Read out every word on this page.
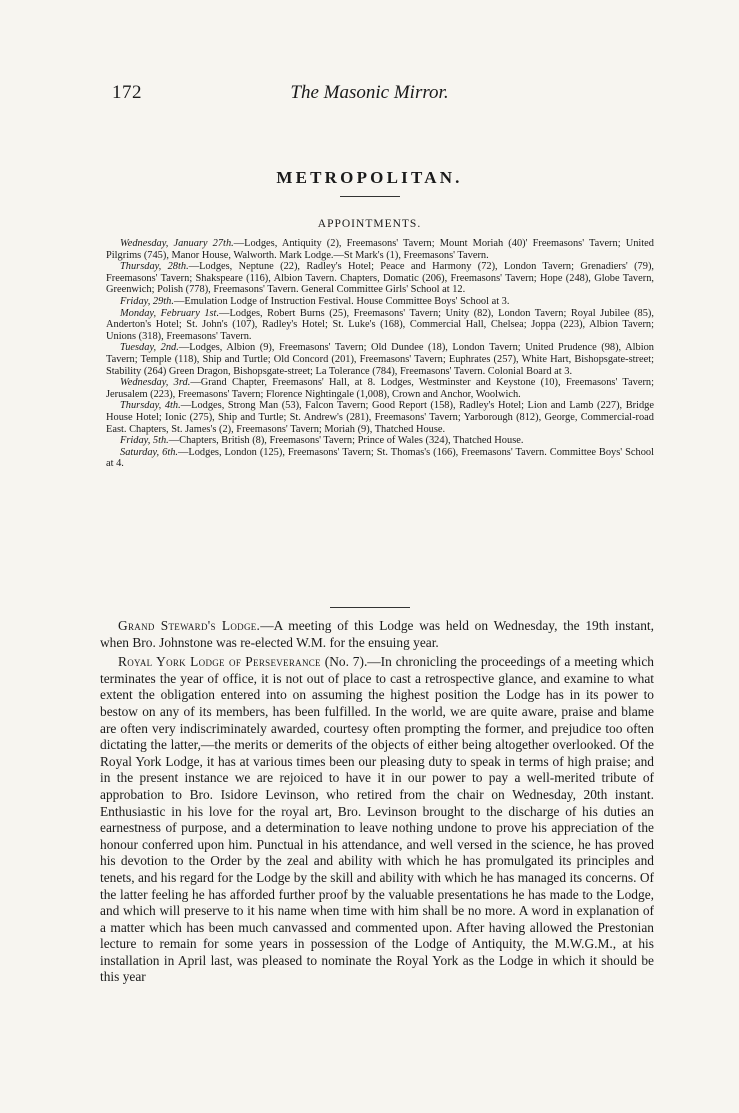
172	The Masonic Mirror.
METROPOLITAN.
APPOINTMENTS.

Wednesday, January 27th.—Lodges, Antiquity (2), Freemasons' Tavern; Mount Moriah (40)' Freemasons' Tavern; United Pilgrims (745), Manor House, Walworth. Mark Lodge.—St Mark's (1), Freemasons' Tavern.

Thursday, 28th.—Lodges, Neptune (22), Radley's Hotel; Peace and Harmony (72), London Tavern; Grenadiers' (79), Freemasons' Tavern; Shakspeare (116), Albion Tavern. Chapters, Domatic (206), Freemasons' Tavern; Hope (248), Globe Tavern, Greenwich; Polish (778), Freemasons' Tavern. General Committee Girls' School at 12.

Friday, 29th.—Emulation Lodge of Instruction Festival. House Committee Boys' School at 3.

Monday, February 1st.—Lodges, Robert Burns (25), Freemasons' Tavern; Unity (82), London Tavern; Royal Jubilee (85), Anderton's Hotel; St. John's (107), Radley's Hotel; St. Luke's (168), Commercial Hall, Chelsea; Joppa (223), Albion Tavern; Unions (318), Freemasons' Tavern.

Tuesday, 2nd.—Lodges, Albion (9), Freemasons' Tavern; Old Dundee (18), London Tavern; United Prudence (98), Albion Tavern; Temple (118), Ship and Turtle; Old Concord (201), Freemasons' Tavern; Euphrates (257), White Hart, Bishopsgate-street; Stability (264) Green Dragon, Bishopsgate-street; La Tolerance (784), Freemasons' Tavern. Colonial Board at 3.

Wednesday, 3rd.—Grand Chapter, Freemasons' Hall, at 8. Lodges, Westminster and Keystone (10), Freemasons' Tavern; Jerusalem (223), Freemasons' Tavern; Florence Nightingale (1,008), Crown and Anchor, Woolwich.

Thursday, 4th.—Lodges, Strong Man (53), Falcon Tavern; Good Report (158), Radley's Hotel; Lion and Lamb (227), Bridge House Hotel; Ionic (275), Ship and Turtle; St. Andrew's (281), Freemasons' Tavern; Yarborough (812), George, Commercial-road East. Chapters, St. James's (2), Freemasons' Tavern; Moriah (9), Thatched House.

Friday, 5th.—Chapters, British (8), Freemasons' Tavern; Prince of Wales (324), Thatched House.

Saturday, 6th.—Lodges, London (125), Freemasons' Tavern; St. Thomas's (166), Freemasons' Tavern. Committee Boys' School at 4.

Grand Steward's Lodge.—A meeting of this Lodge was held on Wednesday, the 19th instant, when Bro. Johnstone was re-elected W.M. for the ensuing year.

Royal York Lodge of Perseverance (No. 7).—In chronicling the proceedings of a meeting which terminates the year of office, it is not out of place to cast a retrospective glance, and examine to what extent the obligation entered into on assuming the highest position the Lodge has in its power to bestow on any of its members, has been fulfilled. In the world, we are quite aware, praise and blame are often very indiscriminately awarded, courtesy often prompting the former, and prejudice too often dictating the latter,—the merits or demerits of the objects of either being altogether overlooked. Of the Royal York Lodge, it has at various times been our pleasing duty to speak in terms of high praise; and in the present instance we are rejoiced to have it in our power to pay a well-merited tribute of approbation to Bro. Isidore Levinson, who retired from the chair on Wednesday, 20th instant. Enthusiastic in his love for the royal art, Bro. Levinson brought to the discharge of his duties an earnestness of purpose, and a determination to leave nothing undone to prove his appreciation of the honour conferred upon him. Punctual in his attendance, and well versed in the science, he has proved his devotion to the Order by the zeal and ability with which he has promulgated its principles and tenets, and his regard for the Lodge by the skill and ability with which he has managed its concerns. Of the latter feeling he has afforded further proof by the valuable presentations he has made to the Lodge, and which will preserve to it his name when time with him shall be no more. A word in explanation of a matter which has been much canvassed and commented upon. After having allowed the Prestonian lecture to remain for some years in possession of the Lodge of Antiquity, the M.W.G.M., at his installation in April last, was pleased to nominate the Royal York as the Lodge in which it should be this year
